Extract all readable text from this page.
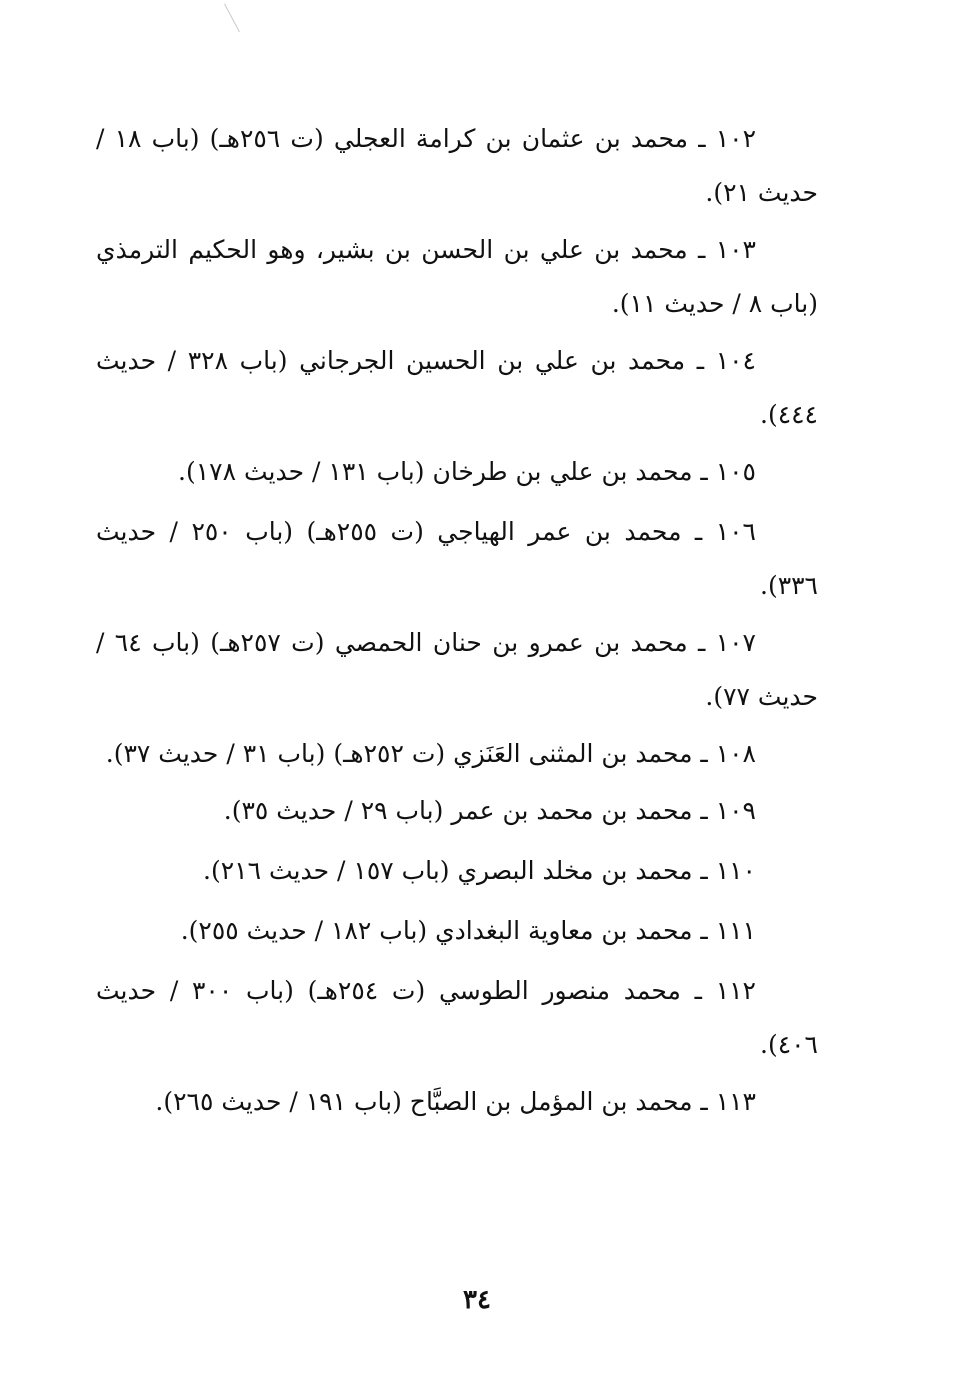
١٠٢ ـ محمد بن عثمان بن كرامة العجلي (ت ٢٥٦هـ) (باب ١٨ / حديث ٢١).

١٠٣ ـ محمد بن علي بن الحسن بن بشير، وهو الحكيم الترمذي (باب ٨ / حديث ١١).

١٠٤ ـ محمد بن علي بن الحسين الجرجاني (باب ٣٢٨ / حديث ٤٤٤).

١٠٥ ـ محمد بن علي بن طرخان (باب ١٣١ / حديث ١٧٨).

١٠٦ ـ محمد بن عمر الهياجي (ت ٢٥٥هـ) (باب ٢٥٠ / حديث ٣٣٦).

١٠٧ ـ محمد بن عمرو بن حنان الحمصي (ت ٢٥٧هـ) (باب ٦٤ / حديث ٧٧).

١٠٨ ـ محمد بن المثنى العَنَزي (ت ٢٥٢هـ) (باب ٣١ / حديث ٣٧).

١٠٩ ـ محمد بن محمد بن عمر (باب ٢٩ / حديث ٣٥).

١١٠ ـ محمد بن مخلد البصري (باب ١٥٧ / حديث ٢١٦).

١١١ ـ محمد بن معاوية البغدادي (باب ١٨٢ / حديث ٢٥٥).

١١٢ ـ محمد منصور الطوسي (ت ٢٥٤هـ) (باب ٣٠٠ / حديث ٤٠٦).

١١٣ ـ محمد بن المؤمل بن الصبَّاح (باب ١٩١ / حديث ٢٦٥).

٣٤
